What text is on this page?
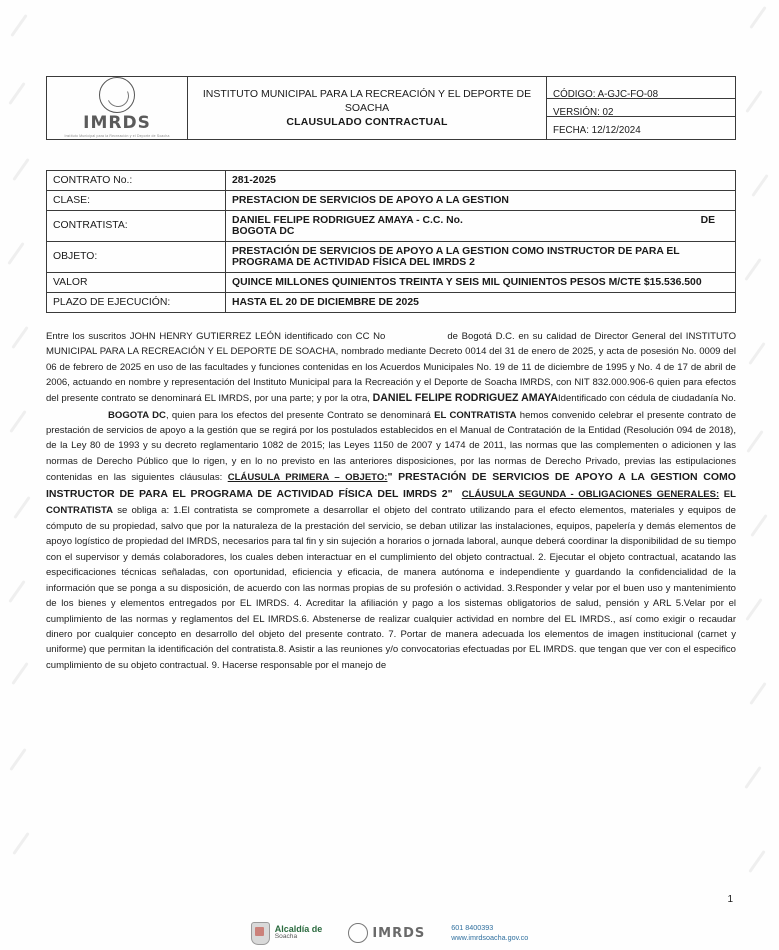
IMRDS
Instituto Municipal para la Recreación y el Deporte de Soacha

INSTITUTO MUNICIPAL PARA LA RECREACIÓN Y EL DEPORTE DE SOACHA
CLAUSULADO CONTRACTUAL

CÓDIGO: A-GJC-FO-08
VERSIÓN: 02
FECHA: 12/12/2024
CONTRATO No.:	281-2025
CLASE:	PRESTACION DE SERVICIOS DE APOYO A LA GESTION
CONTRATISTA:	DANIEL FELIPE RODRIGUEZ AMAYA - C.C. No. DE
BOGOTA DC

OBJETO:	PRESTACIÓN DE SERVICIOS DE APOYO A LA GESTION COMO INSTRUCTOR DE PARA EL PROGRAMA DE ACTIVIDAD FÍSICA DEL IMRDS 2
VALOR	QUINCE MILLONES QUINIENTOS TREINTA Y SEIS MIL QUINIENTOS PESOS M/CTE $15.536.500
PLAZO DE EJECUCIÓN:	HASTA EL 20 DE DICIEMBRE DE 2025
Entre los suscritos JOHN HENRY GUTIERREZ LEÓN identificado con CC No	de Bogotá D.C. en su calidad de Director General del INSTITUTO MUNICIPAL PARA LA RECREACIÓN Y EL DEPORTE DE SOACHA, nombrado mediante Decreto 0014 del 31 de enero de 2025, y acta de posesión No. 0009 del 06 de febrero de 2025 en uso de las facultades y funciones contenidas en los Acuerdos Municipales No. 19 de 11 de diciembre de 1995 y No. 4 de 17 de abril de 2006, actuando en nombre y representación del Instituto Municipal para la Recreación y el Deporte de Soacha IMRDS, con NIT 832.000.906-6 quien para efectos del presente contrato se denominará EL IMRDS, por una parte; y por la otra, DANIEL FELIPE RODRIGUEZ AMAYAIdentificado con cédula de ciudadanía No.BOGOTA DC, quien para los efectos del presente Contrato se denominará EL CONTRATISTA hemos convenido celebrar el presente contrato de prestación de servicios de apoyo a la gestión que se regirá por los postulados establecidos en el Manual de Contratación de la Entidad (Resolución 094 de 2018), de la Ley 80 de 1993 y su decreto reglamentario 1082 de 2015; las Leyes 1150 de 2007 y 1474 de 2011, las normas que las complementen o adicionen y las normas de Derecho Público que lo rigen, y en lo no previsto en las anteriores disposiciones, por las normas de Derecho Privado, previas las estipulaciones contenidas en las siguientes cláusulas: CLÁUSULA PRIMERA – OBJETO:" PRESTACIÓN DE SERVICIOS DE APOYO A LA GESTION COMO INSTRUCTOR DE PARA EL PROGRAMA DE ACTIVIDAD FÍSICA DEL IMRDS 2" CLÁUSULA SEGUNDA - OBLIGACIONES GENERALES: EL CONTRATISTA se obliga a: 1.El contratista se compromete a desarrollar el objeto del contrato utilizando para el efecto elementos, materiales y equipos de cómputo de su propiedad, salvo que por la naturaleza de la prestación del servicio, se deban utilizar las instalaciones, equipos, papelería y demás elementos de apoyo logístico de propiedad del IMRDS, necesarios para tal fin y sin sujeción a horarios o jornada laboral, aunque deberá coordinar la disponibilidad de su tiempo con el supervisor y demás colaboradores, los cuales deben interactuar en el cumplimiento del objeto contractual. 2. Ejecutar el objeto contractual, acatando las especificaciones técnicas señaladas, con oportunidad, eficiencia y eficacia, de manera autónoma e independiente y guardando la confidencialidad de la información que se ponga a su disposición, de acuerdo con las normas propias de su profesión o actividad. 3.Responder y velar por el buen uso y mantenimiento de los bienes y elementos entregados por EL IMRDS. 4. Acreditar la afiliación y pago a los sistemas obligatorios de salud, pensión y ARL 5.Velar por el cumplimiento de las normas y reglamentos del EL IMRDS.6. Abstenerse de realizar cualquier actividad en nombre del EL IMRDS., así como exigir o recaudar dinero por cualquier concepto en desarrollo del objeto del presente contrato. 7. Portar de manera adecuada los elementos de imagen institucional (carnet y uniforme) que permitan la identificación del contratista.8. Asistir a las reuniones y/o convocatorias efectuadas por EL IMRDS. que tengan que ver con el especifico cumplimiento de su objeto contractual. 9. Hacerse responsable por el manejo de
1
Alcaldía de
Soacha	IMRDS	601 8400393
www.imrdsoacha.gov.co
